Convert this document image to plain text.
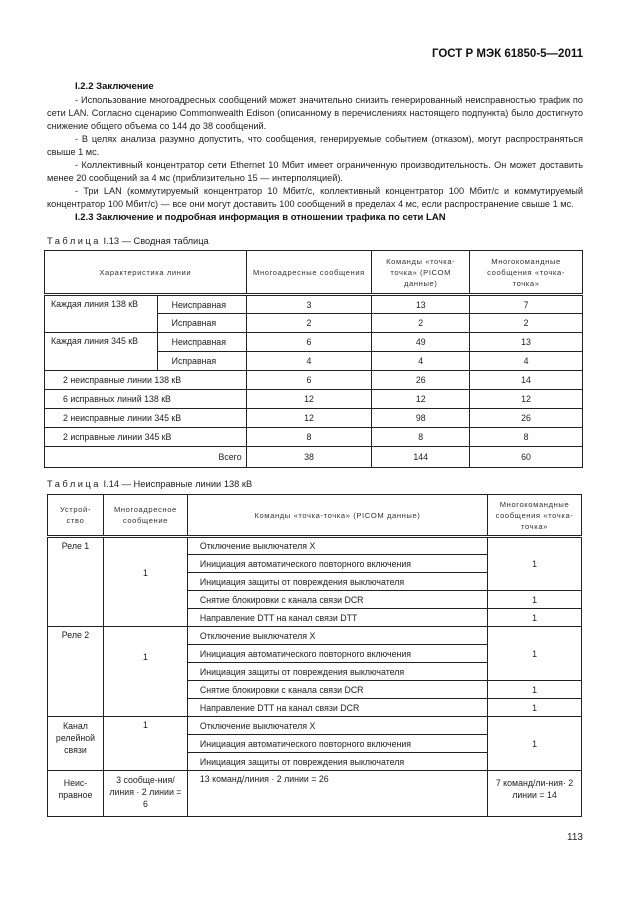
ГОСТ Р МЭК 61850-5—2011
I.2.2 Заключение

- Использование многоадресных сообщений может значительно снизить генерированный неисправностью трафик по сети LAN. Согласно сценарию Commonwealth Edison (описанному в перечислениях настоящего подпункта) было достигнуто снижение общего объема со 144 до 38 сообщений.

- В целях анализа разумно допустить, что сообщения, генерируемые событием (отказом), могут распространяться свыше 1 мс.

- Коллективный концентратор сети Ethernet 10 Мбит имеет ограниченную производительность. Он может доставить менее 20 сообщений за 4 мс (приблизительно 15 — интерполяцией).

- Три LAN (коммутируемый концентратор 10 Мбит/с, коллективный концентратор 100 Мбит/с и коммутируемый концентратор 100 Мбит/с) — все они могут доставить 100 сообщений в пределах 4 мс, если распространение свыше 1 мс.

I.2.3 Заключение и подробная информация в отношении трафика по сети LAN
Таблица I.13 — Сводная таблица
Характеристика линии		Многоадресные сообщения	Команды «точка-точка» (PICOM данные)	Многокомандные сообщения «точка-точка»
Каждая линия 138 кВ	Неисправная	3	13	7
	Исправная	2	2	2
Каждая линия 345 кВ	Неисправная	6	49	13
	Исправная	4	4	4
2 неисправные линии 138 кВ		6	26	14
6 исправных линий 138 кВ		12	12	12
2 неисправные линии 345 кВ		12	98	26
2 исправные линии 345 кВ		8	8	8
Всего		38	144	60
Таблица I.14 — Неисправные линии 138 кВ
Устрой-ство	Многоадресное сообщение	Команды «точка-точка» (PICOM данные)	Многокомандные сообщения «точка-точка»
Реле 1	1	Отключение выключателя X	1
		Инициация автоматического повторного включения	
		Инициация защиты от повреждения выключателя	
		Снятие блокировки с канала связи DCR	1
		Направление DTT на канал связи DTT	1
Реле 2	1	Отключение выключателя X	1
		Инициация автоматического повторного включения	
		Инициация защиты от повреждения выключателя	
		Снятие блокировки с канала связи DCR	1
		Направление DTT на канал связи DCR	1
Канал релейной связи	1	Отключение выключателя X	1
		Инициация автоматического повторного включения	
		Инициация защиты от повреждения выключателя	
Неис-правное	3 сообще-ния/линия · 2 линии = 6	13 команд/линия · 2 линии = 26	7 команд/ли-ния· 2 линии = 14
113
